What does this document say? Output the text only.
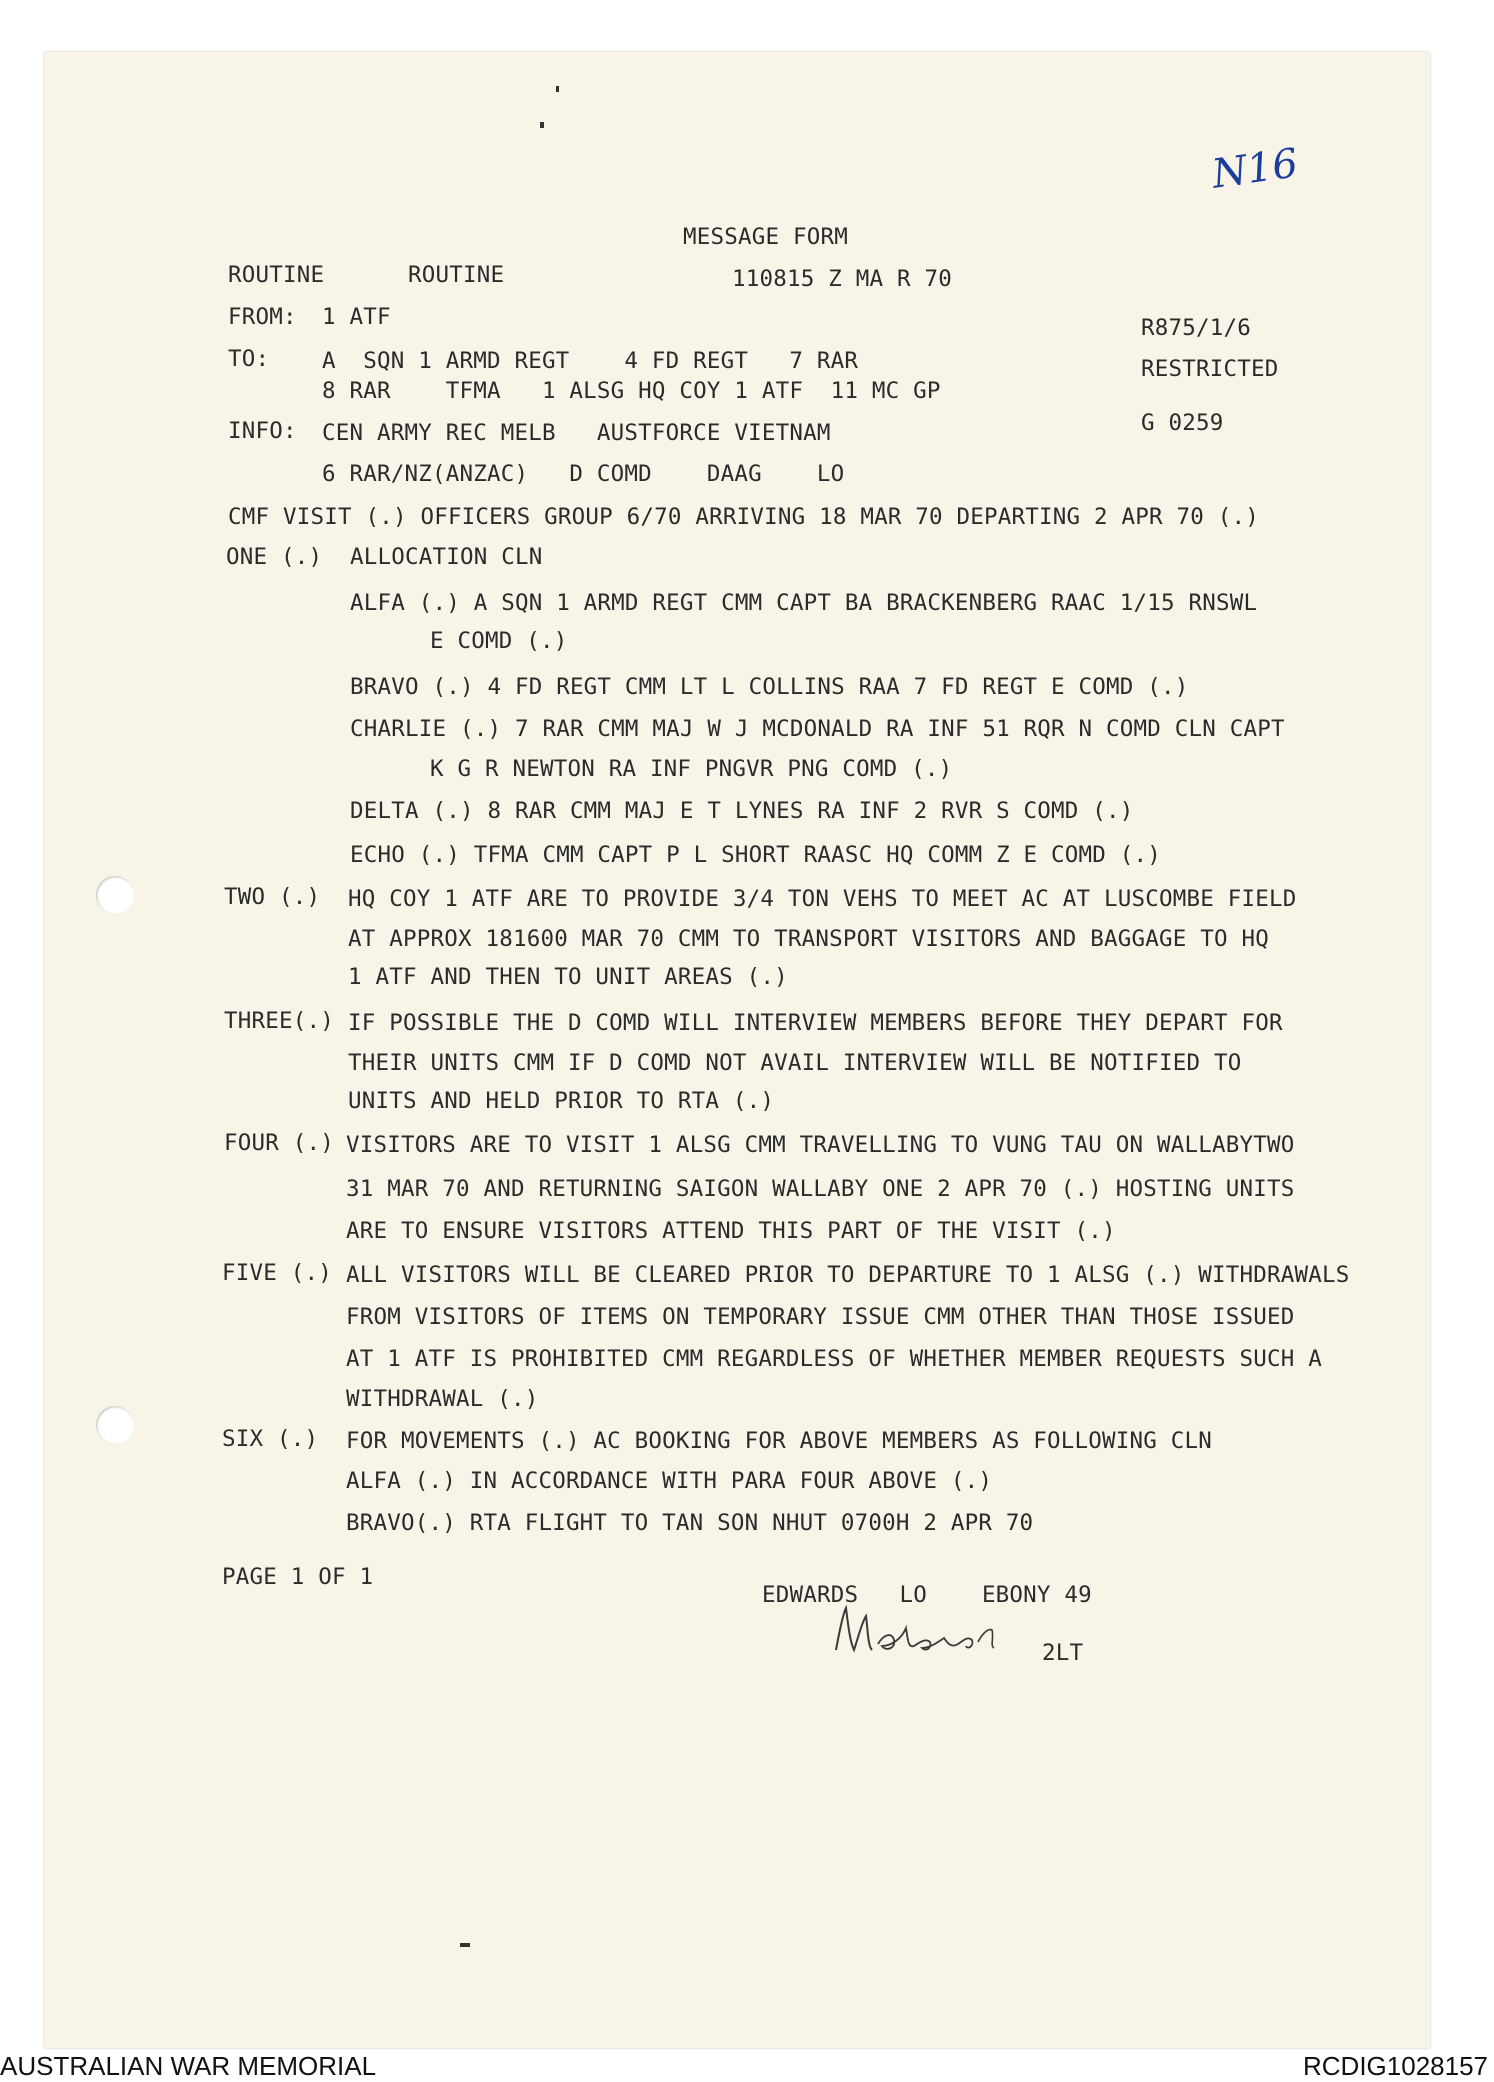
N16
MESSAGE FORM
ROUTINE	ROUTINE	110815 Z MA R 70
FROM: 1 ATF	R875/1/6
TO: A  SQN 1 ARMD REGT    4 FD REGT   7 RAR	RESTRICTED
8 RAR    TFMA   1 ALSG HQ COY 1 ATF  11 MC GP
INFO: CEN ARMY REC MELB   AUSTFORCE VIETNAM	G 0259
6 RAR/NZ(ANZAC)   D COMD    DAAG    LO
CMF VISIT (.) OFFICERS GROUP 6/70 ARRIVING 18 MAR 70 DEPARTING 2 APR 70 (.)
ONE (.) ALLOCATION CLN
ALFA (.) A SQN 1 ARMD REGT CMM CAPT BA BRACKENBERG RAAC 1/15 RNSWL
E COMD (.)
BRAVO (.) 4 FD REGT CMM LT L COLLINS RAA 7 FD REGT E COMD (.)
CHARLIE (.) 7 RAR CMM MAJ W J MCDONALD RA INF 51 RQR N COMD CLN CAPT
K G R NEWTON RA INF PNGVR PNG COMD (.)
DELTA (.) 8 RAR CMM MAJ E T LYNES RA INF 2 RVR S COMD (.)
ECHO (.) TFMA CMM CAPT P L SHORT RAASC HQ COMM Z E COMD (.)
TWO (.) HQ COY 1 ATF ARE TO PROVIDE 3/4 TON VEHS TO MEET AC AT LUSCOMBE FIELD
AT APPROX 181600 MAR 70 CMM TO TRANSPORT VISITORS AND BAGGAGE TO HQ
1 ATF AND THEN TO UNIT AREAS (.)
THREE(.) IF POSSIBLE THE D COMD WILL INTERVIEW MEMBERS BEFORE THEY DEPART FOR
THEIR UNITS CMM IF D COMD NOT AVAIL INTERVIEW WILL BE NOTIFIED TO
UNITS AND HELD PRIOR TO RTA (.)
FOUR (.) VISITORS ARE TO VISIT 1 ALSG CMM TRAVELLING TO VUNG TAU ON WALLABYTWO
31 MAR 70 AND RETURNING SAIGON WALLABY ONE 2 APR 70 (.) HOSTING UNITS
ARE TO ENSURE VISITORS ATTEND THIS PART OF THE VISIT (.)
FIVE (.) ALL VISITORS WILL BE CLEARED PRIOR TO DEPARTURE TO 1 ALSG (.) WITHDRAWALS
FROM VISITORS OF ITEMS ON TEMPORARY ISSUE CMM OTHER THAN THOSE ISSUED
AT 1 ATF IS PROHIBITED CMM REGARDLESS OF WHETHER MEMBER REQUESTS SUCH A
WITHDRAWAL (.)
SIX (.) FOR MOVEMENTS (.) AC BOOKING FOR ABOVE MEMBERS AS FOLLOWING CLN
ALFA (.) IN ACCORDANCE WITH PARA FOUR ABOVE (.)
BRAVO(.) RTA FLIGHT TO TAN SON NHUT 0700H 2 APR 70
PAGE 1 OF 1
EDWARDS   LO    EBONY 49
2LT
AUSTRALIAN WAR MEMORIAL	RCDIG1028157
